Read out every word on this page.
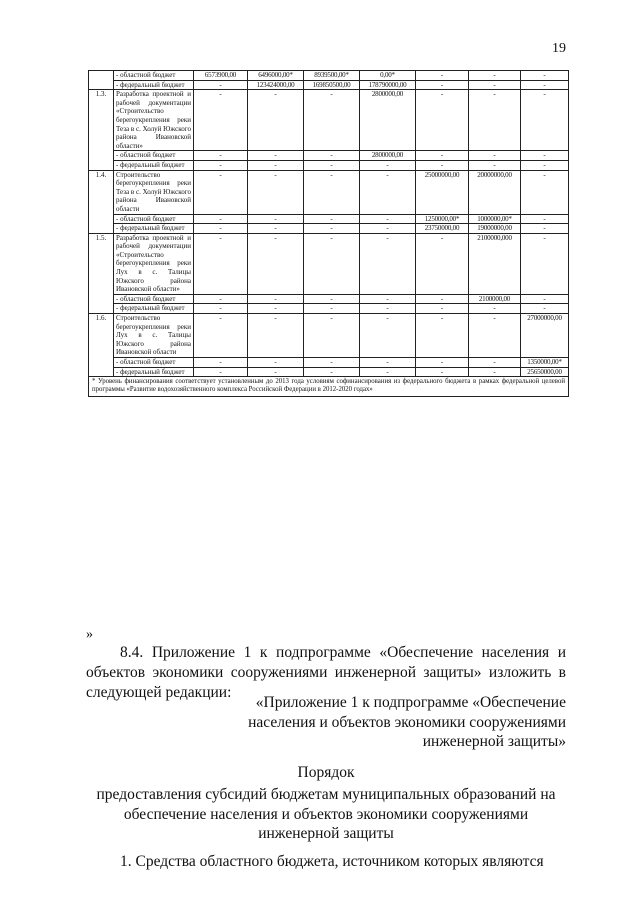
19
	- областной бюджет	6573900,00	6496000,00*	8939500,00*	0,00*	-	-	-
	- федеральный бюджет	-	123424000,00	169850500,00	178790000,00	-	-	-
1.3.	Разработка проектной и рабочей документации «Строительство берегоукрепления реки Теза в с. Холуй Южского района Ивановской области»	-	-	-	2800000,00	-	-	-
	- областной бюджет	-	-	-	2800000,00	-	-	-
	- федеральный бюджет	-	-	-	-	-	-	-
1.4.	Строительство берегоукрепления реки Теза в с. Холуй Южского района Ивановской области	-	-	-	-	25000000,00	20000000,00	-
	- областной бюджет	-	-	-	-	1250000,00*	1000000,00*	-
	- федеральный бюджет	-	-	-	-	23750000,00	19000000,00	-
1.5.	Разработка проектной и рабочей документации «Строительство берегоукрепления реки Лух в с. Талицы Южского района Ивановской области»	-	-	-	-	-	2100000,000	-
	- областной бюджет	-	-	-	-	-	2100000,00	-
	- федеральный бюджет	-	-	-	-	-	-	-
1.6.	Строительство берегоукрепления реки Лух в с. Талицы Южского района Ивановской области	-	-	-	-	-	-	27000000,00
	- областной бюджет	-	-	-	-	-	-	1350000,00*
	- федеральный бюджет	-	-	-	-	-	-	25650000,00
* Уровень финансирования соответствует установленным до 2013 года условиям софинансирования из федерального бюджета в рамках федеральной целевой программы «Развитие водохозяйственного комплекса Российской Федерации в 2012-2020 годах»								
»
8.4. Приложение 1 к подпрограмме «Обеспечение населения и объектов экономики сооружениями инженерной защиты» изложить в следующей редакции:
«Приложение 1 к подпрограмме «Обеспечение населения и объектов экономики сооружениями инженерной защиты»
Порядок
предоставления субсидий бюджетам муниципальных образований на обеспечение населения и объектов экономики сооружениями инженерной защиты
1. Средства областного бюджета, источником которых являются
